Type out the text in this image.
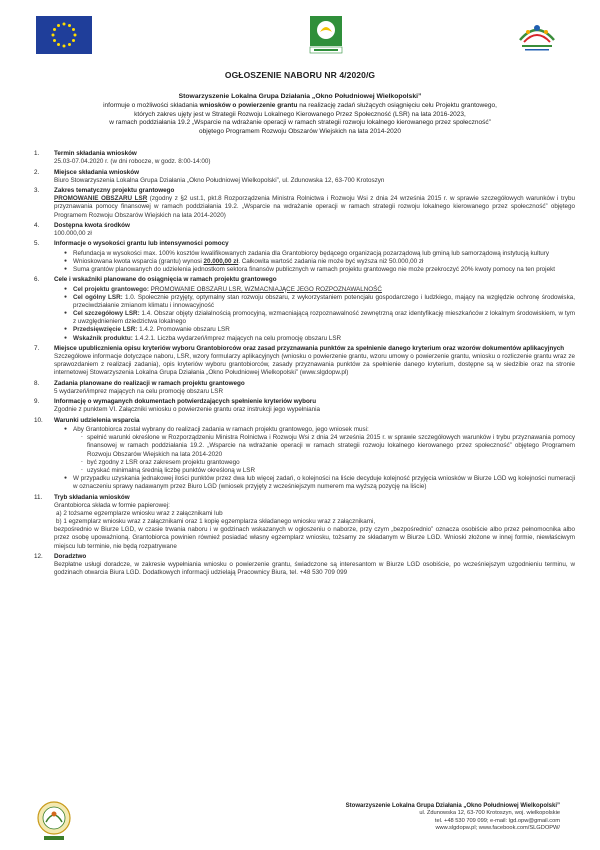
OGŁOSZENIE NABORU NR 4/2020/G
Stowarzyszenie Lokalna Grupa Działania „Okno Południowej Wielkopolski”
informuje o możliwości składania wniosków o powierzenie grantu na realizację zadań służących osiągnięciu celu Projektu grantowego,
których zakres ujęty jest w Strategii Rozwoju Lokalnego Kierowanego Przez Społeczność (LSR) na lata 2016-2023,
w ramach poddziałania 19.2 „Wsparcie na wdrażanie operacji w ramach strategii rozwoju lokalnego kierowanego przez społeczność”
objętego Programem Rozwoju Obszarów Wiejskich na lata 2014-2020
1. Termin składania wniosków
25.03-07.04.2020 r. (w dni robocze, w godz. 8:00-14:00)
2. Miejsce składania wniosków
Biuro Stowarzyszenia Lokalna Grupa Działania „Okno Południowej Wielkopolski”, ul. Zdunowska 12, 63-700 Krotoszyn
3. Zakres tematyczny projektu grantowego
PROMOWANIE OBSZARU LSR (zgodny z §2 ust.1, pkt.8 Rozporządzenia Ministra Rolnictwa i Rozwoju Wsi z dnia 24 września 2015 r. w sprawie szczegółowych warunków i trybu przyznawania pomocy finansowej w ramach poddziałania 19.2. „Wsparcie na wdrażanie operacji w ramach strategii rozwoju lokalnego kierowanego przez społeczność” objętego Programem Rozwoju Obszarów Wiejskich na lata 2014-2020)
4. Dostępna kwota środków
100.000,00 zł
5. Informacje o wysokości grantu lub intensywności pomocy
● Refundacja w wysokości max. 100% kosztów kwalifikowanych zadania dla Grantobiorcy będącego organizacją pozarządową lub gminą lub samorządową instytucją kultury
● Wnioskowana kwota wsparcia (grantu) wynosi 20.000,00 zł. Całkowita wartość zadania nie może być wyższa niż 50.000,00 zł
● Suma grantów planowanych do udzielenia jednostkom sektora finansów publicznych w ramach projektu grantowego nie może przekroczyć 20% kwoty pomocy na ten projekt
6. Cele i wskaźniki planowane do osiągnięcia w ramach projektu grantowego
● Cel projektu grantowego: PROMOWANIE OBSZARU LSR, WZMACNIAJĄCE JEGO ROZPOZNAWALNOŚĆ
● Cel ogólny LSR: 1.0. Społecznie przyjęty, optymalny stan rozwoju obszaru, z wykorzystaniem potencjału gospodarczego i ludzkiego, mający na względzie ochronę środowiska, przeciwdziałanie zmianom klimatu i innowacyjność
● Cel szczegółowy LSR: 1.4. Obszar objęty działalnością promocyjną, wzmacniającą rozpoznawalność zewnętrzną oraz identyfikację mieszkańców z lokalnym środowiskiem, w tym z uwzględnieniem dziedzictwa lokalnego
● Przedsięwzięcie LSR: 1.4.2. Promowanie obszaru LSR
● Wskaźnik produktu: 1.4.2.1. Liczba wydarzeń/imprez mających na celu promocję obszaru LSR
7. Miejsce upublicznienia opisu kryteriów wyboru Grantobiorców oraz zasad przyznawania punktów za spełnienie danego kryterium oraz wzorów dokumentów aplikacyjnych
Szczegółowe informacje dotyczące naboru, LSR, wzory formularzy aplikacyjnych (wniosku o powierzenie grantu, wzoru umowy o powierzenie grantu, wniosku o rozliczenie grantu wraz ze sprawozdaniem z realizacji zadania), opis kryteriów wyboru grantobiorców, zasady przyznawania punktów za spełnienie danego kryterium, dostępne są w siedzibie oraz na stronie internetowej Stowarzyszenia Lokalna Grupa Działania „Okno Południowej Wielkopolski” (www.slgdopw.pl)
8. Zadania planowane do realizacji w ramach projektu grantowego
5 wydarzeń/imprez mających na celu promocję obszaru LSR
9. Informację o wymaganych dokumentach potwierdzających spełnienie kryteriów wyboru
Zgodnie z punktem VI. Załączniki wniosku o powierzenie grantu oraz instrukcji jego wypełniania
10. Warunki udzielenia wsparcia
● Aby Grantobiorca został wybrany do realizacji zadania w ramach projektu grantowego, jego wniosek musi:
- spełnić warunki określone w Rozporządzeniu Ministra Rolnictwa i Rozwoju Wsi z dnia 24 września 2015 r. w sprawie szczegółowych warunków i trybu przyznawania pomocy finansowej w ramach poddziałania 19.2. „Wsparcie na wdrażanie operacji w ramach strategii rozwoju lokalnego kierowanego przez społeczność” objętego Programem Rozwoju Obszarów Wiejskich na lata 2014-2020
- być zgodny z LSR oraz zakresem projektu grantowego
- uzyskać minimalną średnią liczbę punktów określoną w LSR
● W przypadku uzyskania jednakowej ilości punktów przez dwa lub więcej zadań, o kolejności na liście decyduje kolejność przyjęcia wniosków w Biurze LGD wg kolejności numeracji w oznaczeniu sprawy nadawanym przez Biuro LGD (wniosek przyjęty z wcześniejszym numerem ma wyższą pozycję na liście)
11. Tryb składania wniosków
Grantobiorca składa w formie papierowej:
a) 2 tożsame egzemplarze wniosku wraz z załącznikami lub
b) 1 egzemplarz wniosku wraz z załącznikami oraz 1 kopię egzemplarza składanego wniosku wraz z załącznikami,
bezpośrednio w Biurze LGD, w czasie trwania naboru i w godzinach wskazanych w ogłoszeniu o naborze, przy czym „bezpośrednio” oznacza osobiście albo przez pełnomocnika albo przez osobę upoważnioną. Grantobiorca powinien również posiadać własny egzemplarz wniosku, tożsamy ze składanym w Biurze LGD. Wnioski złożone w innej formie, niewłaściwym miejscu lub terminie, nie będą rozpatrywane
12. Doradztwo
Bezpłatne usługi doradcze, w zakresie wypełniania wniosku o powierzenie grantu, świadczone są interesantom w Biurze LGD osobiście, po wcześniejszym uzgodnieniu terminu, w godzinach otwarcia Biura LGD. Dodatkowych informacji udzielają Pracownicy Biura, tel. +48 530 709 099
Stowarzyszenie Lokalna Grupa Działania „Okno Południowej Wielkopolski”
ul. Zdunowska 12, 63-700 Krotoszyn, woj. wielkopolskie
tel. +48 530 709 099; e-mail: lgd.opw@gmail.com
www.slgdopw.pl; www.facebook.com/SLGDOPW/
